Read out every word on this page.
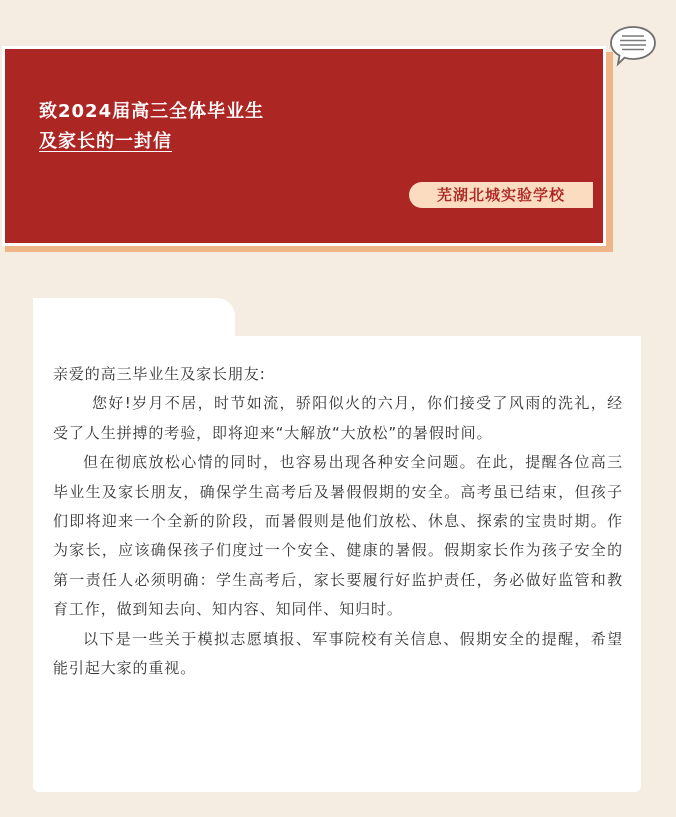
致2024届高三全体毕业生
及家长的一封信
芜湖北城实验学校

亲爱的高三毕业生及家长朋友:

您好!岁月不居，时节如流，骄阳似火的六月，你们接受了风雨的洗礼，经受了人生拼搏的考验，即将迎来“大解放“大放松”的暑假时间。

但在彻底放松心情的同时，也容易出现各种安全问题。在此，提醒各位高三毕业生及家长朋友，确保学生高考后及暑假假期的安全。高考虽已结束，但孩子们即将迎来一个全新的阶段，而暑假则是他们放松、休息、探索的宝贵时期。作为家长，应该确保孩子们度过一个安全、健康的暑假。假期家长作为孩子安全的第一责任人必须明确：学生高考后，家长要履行好监护责任，务必做好监管和教育工作，做到知去向、知内容、知同伴、知归时。

以下是一些关于模拟志愿填报、军事院校有关信息、假期安全的提醒，希望能引起大家的重视。
